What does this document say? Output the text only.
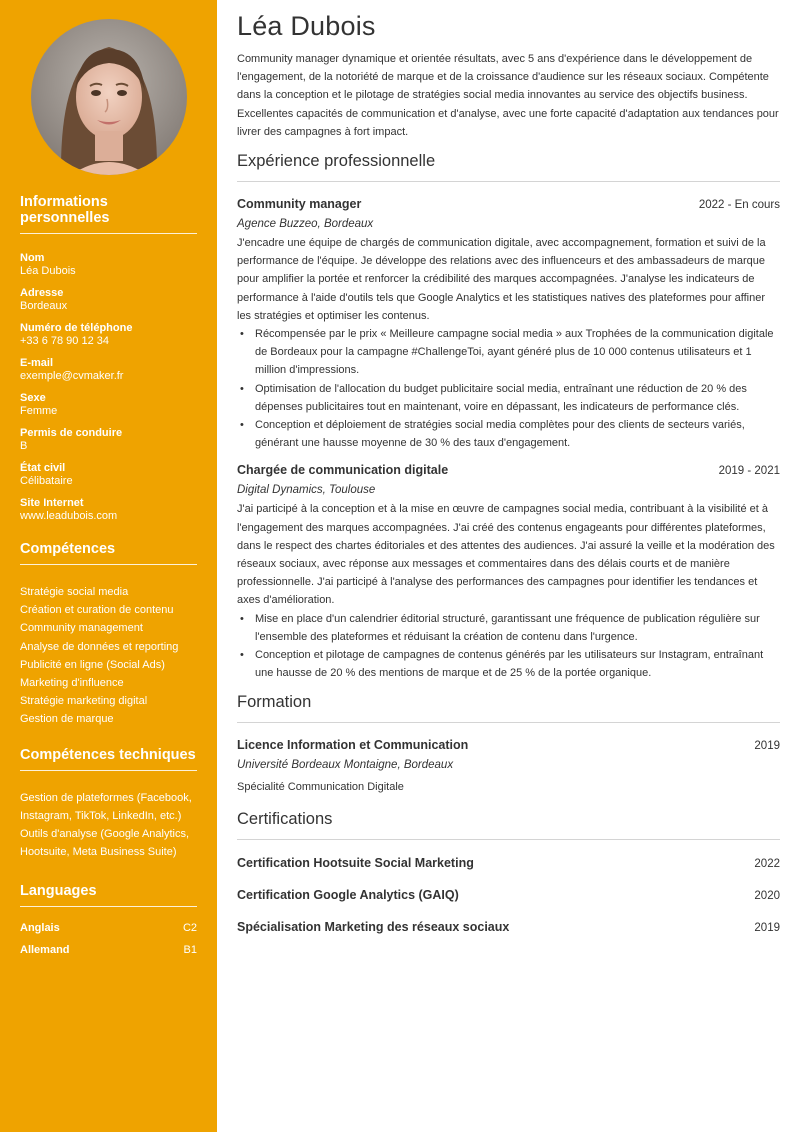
Informations personnelles
Nom
Léa Dubois
Adresse
Bordeaux
Numéro de téléphone
+33 6 78 90 12 34
E-mail
exemple@cvmaker.fr
Sexe
Femme
Permis de conduire
B
État civil
Célibataire
Site Internet
www.leadubois.com
Compétences
Stratégie social media
Création et curation de contenu
Community management
Analyse de données et reporting
Publicité en ligne (Social Ads)
Marketing d'influence
Stratégie marketing digital
Gestion de marque
Compétences techniques
Gestion de plateformes (Facebook,
Instagram, TikTok, LinkedIn, etc.)
Outils d'analyse (Google Analytics,
Hootsuite, Meta Business Suite)
Languages
Anglais	C2
Allemand	B1
Léa Dubois

Community manager dynamique et orientée résultats, avec 5 ans d'expérience dans le développement de l'engagement, de la notoriété de marque et de la croissance d'audience sur les réseaux sociaux. Compétente dans la conception et le pilotage de stratégies social media innovantes au service des objectifs business. Excellentes capacités de communication et d'analyse, avec une forte capacité d'adaptation aux tendances pour livrer des campagnes à fort impact.

Expérience professionnelle
Community manager	2022 - En cours
Agence Buzzeo, Bordeaux

J'encadre une équipe de chargés de communication digitale, avec accompagnement, formation et suivi de la performance de l'équipe. Je développe des relations avec des influenceurs et des ambassadeurs de marque pour amplifier la portée et renforcer la crédibilité des marques accompagnées. J'analyse les indicateurs de performance à l'aide d'outils tels que Google Analytics et les statistiques natives des plateformes pour affiner les stratégies et optimiser les contenus.

• Récompensée par le prix « Meilleure campagne social media » aux Trophées de la communication digitale de Bordeaux pour la campagne #ChallengeToi, ayant généré plus de 10 000 contenus utilisateurs et 1 million d'impressions.
• Optimisation de l'allocation du budget publicitaire social media, entraînant une réduction de 20 % des dépenses publicitaires tout en maintenant, voire en dépassant, les indicateurs de performance clés.
• Conception et déploiement de stratégies social media complètes pour des clients de secteurs variés, générant une hausse moyenne de 30 % des taux d'engagement.
Chargée de communication digitale	2019 - 2021
Digital Dynamics, Toulouse

J'ai participé à la conception et à la mise en œuvre de campagnes social media, contribuant à la visibilité et à l'engagement des marques accompagnées. J'ai créé des contenus engageants pour différentes plateformes, dans le respect des chartes éditoriales et des attentes des audiences. J'ai assuré la veille et la modération des réseaux sociaux, avec réponse aux messages et commentaires dans des délais courts et de manière professionnelle. J'ai participé à l'analyse des performances des campagnes pour identifier les tendances et axes d'amélioration.

• Mise en place d'un calendrier éditorial structuré, garantissant une fréquence de publication régulière sur l'ensemble des plateformes et réduisant la création de contenu dans l'urgence.
• Conception et pilotage de campagnes de contenus générés par les utilisateurs sur Instagram, entraînant une hausse de 20 % des mentions de marque et de 25 % de la portée organique.
Formation
Licence Information et Communication	2019
Université Bordeaux Montaigne, Bordeaux
Spécialité Communication Digitale
Certifications
Certification Hootsuite Social Marketing	2022
Certification Google Analytics (GAIQ)	2020
Spécialisation Marketing des réseaux sociaux	2019
